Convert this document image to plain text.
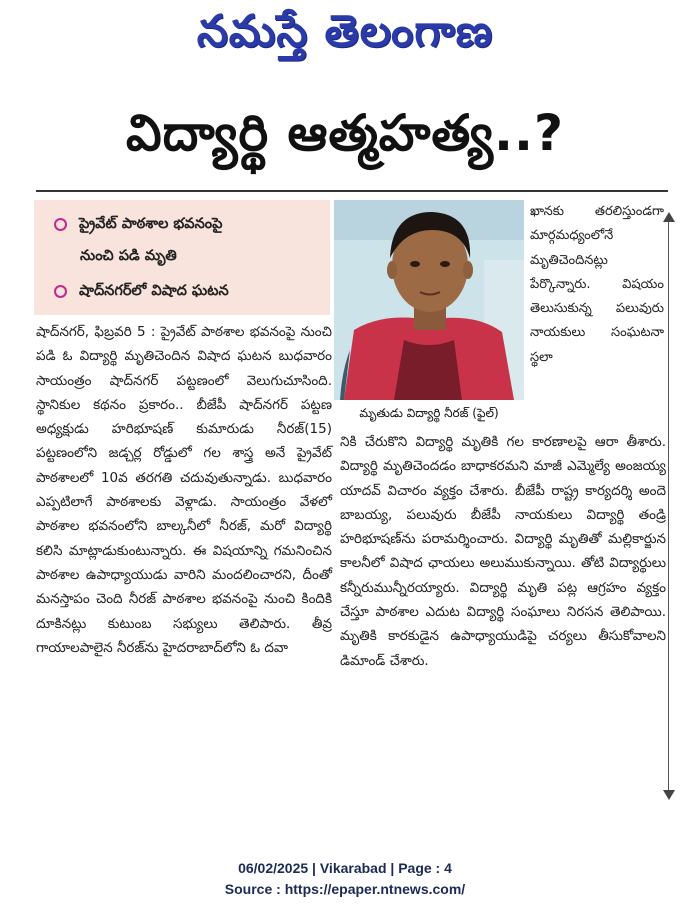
నమస్తే తెలంగాణ
విద్యార్థి ఆత్మహత్య..?
ప్రైవేట్ పాఠశాల భవనంపై
నుంచి పడి మృతి
షాద్‌నగర్‌లో విషాద ఘటన
మృతుడు విద్యార్థి నీరజ్ (ఫైల్)

షాద్‌నగర్, ఫిబ్రవరి 5 : ప్రైవేట్ పాఠశాల భవనంపై నుంచి పడి ఓ విద్యార్థి మృతిచెందిన విషాద ఘటన బుధవారం సాయంత్రం షాద్‌నగర్ పట్టణంలో వెలుగుచూసింది. స్థానికుల కథనం ప్రకారం.. బీజేపీ షాద్‌నగర్ పట్టణ అధ్యక్షుడు హరిభూషణ్ కుమారుడు నీరజ్(15) పట్టణంలోని జడ్చర్ల రోడ్డులో గల శాస్త్ర అనే ప్రైవేట్ పాఠశాలలో 10వ తరగతి చదువుతున్నాడు. బుధవారం ఎప్పటిలాగే పాఠశాలకు వెళ్లాడు. సాయంత్రం వేళలో పాఠశాల భవనంలోని బాల్కనీలో నీరజ్, మరో విద్యార్థి కలిసి మాట్లాడుకుంటున్నారు. ఈ విషయాన్ని గమనించిన పాఠశాల ఉపాధ్యాయుడు వారిని మందలించారని, దీంతో మనస్తాపం చెంది నీరజ్ పాఠశాల భవనంపై నుంచి కిందికి దూకినట్లు కుటుంబ సభ్యులు తెలిపారు. తీవ్ర గాయాలపాలైన నీరజ్‌ను హైదరాబాద్‌లోని ఓ దవా

ఖానకు తరలిస్తుండగా మార్గమధ్యంలోనే మృతిచెందినట్లు పేర్కొన్నారు. విషయం తెలుసుకున్న పలువురు నాయకులు సంఘటనా స్థలా

నికి చేరుకొని విద్యార్థి మృతికి గల కారణాలపై ఆరా తీశారు. విద్యార్థి మృతిచెందడం బాధాకరమని మాజీ ఎమ్మెల్యే అంజయ్య యాదవ్ విచారం వ్యక్తం చేశారు. బీజేపీ రాష్ట్ర కార్యదర్శి అందె బాబయ్య, పలువురు బీజేపీ నాయకులు విద్యార్థి తండ్రి హరిభూషణ్‌ను పరామర్శించారు. విద్యార్థి మృతితో మల్లికార్జున కాలనీలో విషాద ఛాయలు అలుముకున్నాయి. తోటి విద్యార్థులు కన్నీరుమున్నీరయ్యారు. విద్యార్థి మృతి పట్ల ఆగ్రహం వ్యక్తం చేస్తూ పాఠశాల ఎదుట విద్యార్థి సంఘాలు నిరసన తెలిపాయి. మృతికి కారకుడైన ఉపాధ్యాయుడిపై చర్యలు తీసుకోవాలని డిమాండ్ చేశారు.

06/02/2025 | Vikarabad | Page : 4
Source : https://epaper.ntnews.com/
